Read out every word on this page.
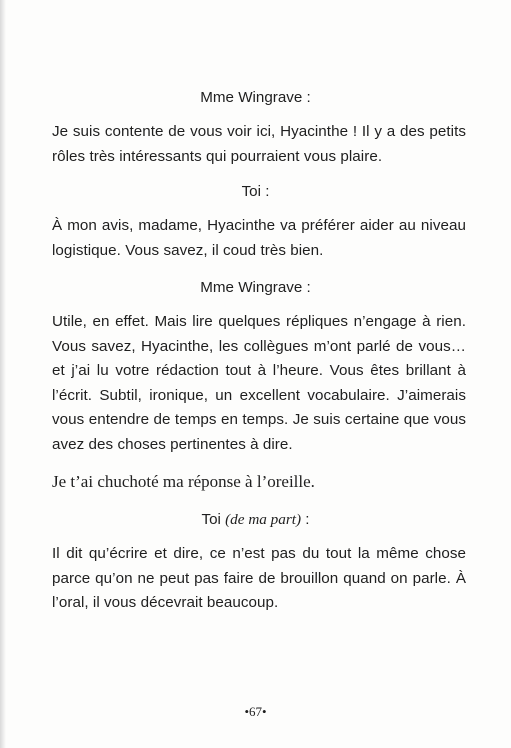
Mme Wingrave :
Je suis contente de vous voir ici, Hyacinthe ! Il y a des petits rôles très intéressants qui pourraient vous plaire.
Toi :
À mon avis, madame, Hyacinthe va préférer aider au niveau logistique. Vous savez, il coud très bien.
Mme Wingrave :
Utile, en effet. Mais lire quelques répliques n’engage à rien. Vous savez, Hyacinthe, les collègues m’ont parlé de vous… et j’ai lu votre rédaction tout à l’heure. Vous êtes brillant à l’écrit. Subtil, ironique, un excellent vocabulaire. J’aimerais vous entendre de temps en temps. Je suis certaine que vous avez des choses pertinentes à dire.
Je t’ai chuchoté ma réponse à l’oreille.
Toi (de ma part) :
Il dit qu’écrire et dire, ce n’est pas du tout la même chose parce qu’on ne peut pas faire de brouillon quand on parle. À l’oral, il vous décevrait beaucoup.
•67•
